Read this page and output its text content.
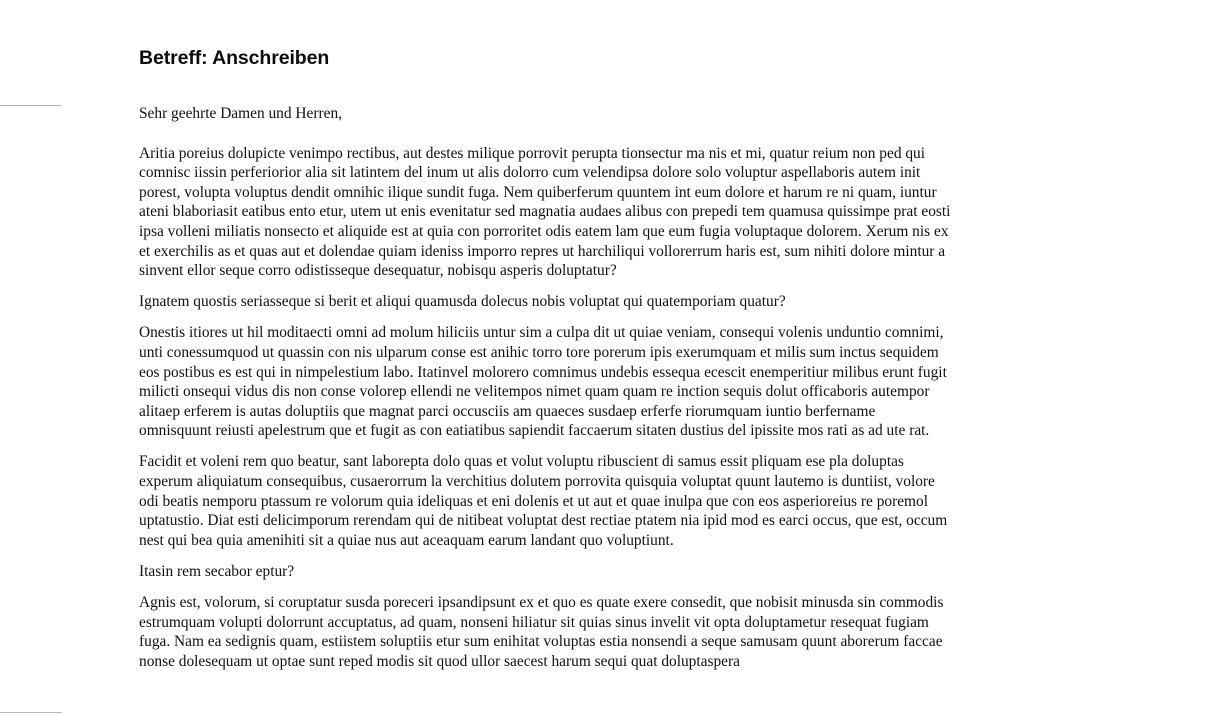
Betreff: Anschreiben

Sehr geehrte Damen und Herren,

Aritia poreius dolupicte venimpo rectibus, aut destes milique porrovit perupta tionsectur ma nis et mi, quatur reium non ped qui comnisc iissin perferiorior alia sit latintem del inum ut alis dolorro cum velendipsa dolore solo voluptur aspellaboris autem init porest, volupta voluptus dendit omnihic ilique sundit fuga. Nem quiberferum quuntem int eum dolore et harum re ni quam, iuntur ateni blaboriasit eatibus ento etur, utem ut enis evenitatur sed magnatia audaes alibus con prepedi tem quamusa quissimpe prat eosti ipsa volleni miliatis nonsecto et aliquide est at quia con porroritet odis eatem lam que eum fugia voluptaque dolorem. Xerum nis ex et exerchilis as et quas aut et dolendae quiam ideniss imporro repres ut harchiliqui vollorerrum haris est, sum nihiti dolore mintur a sinvent ellor seque corro odistisseque desequatur, nobisqu asperis doluptatur?

Ignatem quostis seriasseque si berit et aliqui quamusda dolecus nobis voluptat qui quatemporiam quatur?

Onestis itiores ut hil moditaecti omni ad molum hiliciis untur sim a culpa dit ut quiae veniam, consequi volenis unduntio comnimi, unti conessumquod ut quassin con nis ulparum conse est anihic torro tore porerum ipis exerumquam et milis sum inctus sequidem eos postibus es est qui in nimpelestium labo. Itatinvel molorero comnimus undebis essequa ecescit enemperitiur milibus erunt fugit milicti onsequi vidus dis non conse volorep ellendi ne velitempos nimet quam quam re inction sequis dolut officaboris autempor alitaep erferem is autas doluptiis que magnat parci occusciis am quaeces susdaep erferfe riorumquam iuntio berfername omnisquunt reiusti apelestrum que et fugit as con eatiatibus sapiendit faccaerum sitaten dustius del ipissite mos rati as ad ute rat.

Facidit et voleni rem quo beatur, sant laborepta dolo quas et volut voluptu ribuscient di samus essit pliquam ese pla doluptas experum aliquiatum consequibus, cusaerorrum la verchitius dolutem porrovita quisquia voluptat quunt lautemo is duntiist, volore odi beatis nemporu ptassum re volorum quia ideliquas et eni dolenis et ut aut et quae inulpa que con eos asperioreius re poremol uptatustio. Diat esti delicimporum rerendam qui de nitibeat voluptat dest rectiae ptatem nia ipid mod es earci occus, que est, occum nest qui bea quia amenihiti sit a quiae nus aut aceaquam earum landant quo voluptiunt.

Itasin rem secabor eptur?

Agnis est, volorum, si coruptatur susda poreceri ipsandipsunt ex et quo es quate exere consedit, que nobisit minusda sin commodis estrumquam volupti dolorrunt accuptatus, ad quam, nonseni hiliatur sit quias sinus invelit vit opta doluptametur resequat fugiam fuga. Nam ea sedignis quam, estiistem soluptiis etur sum enihitat voluptas estia nonsendi a seque samusam quunt aborerum faccae nonse dolesequam ut optae sunt reped modis sit quod ullor saecest harum sequi quat doluptaspera
